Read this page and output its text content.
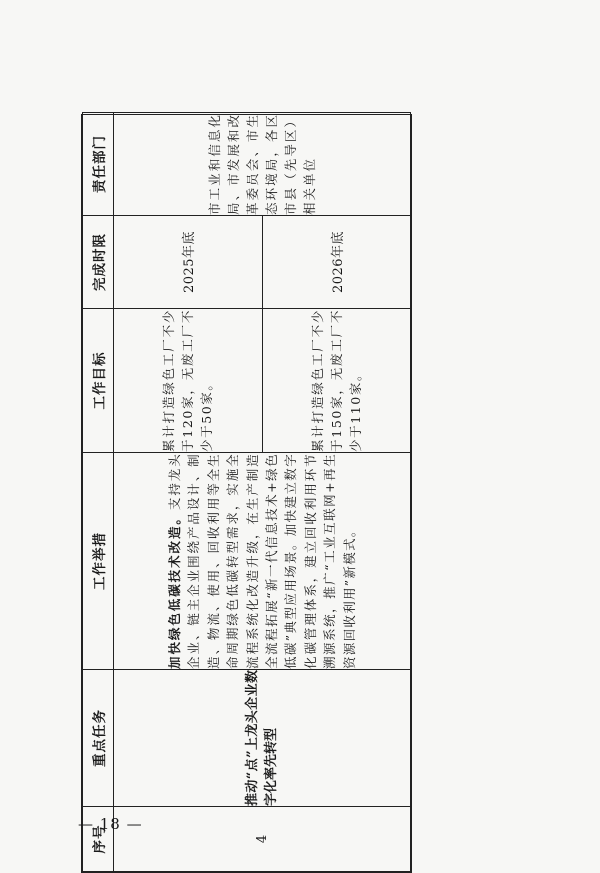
序号	重点任务	工作举措	工作目标	完成时限	责任部门
4	推动“点”上龙头企业数字化率先转型	加快绿色低碳技术改造。支持龙头企业、链主企业围绕产品设计、制造、物流、使用、回收利用等全生命周期绿色低碳转型需求，实施全流程系统化改造升级，在生产制造全流程拓展“新一代信息技术+绿色低碳”典型应用场景。加快建立数字化碳管理体系，建立回收利用环节溯源系统，推广“工业互联网+再生资源回收利用”新模式。	累计打造绿色工厂不少于120家，无废工厂不少于50家。	2025年底	市工业和信息化局、市发展和改革委员会、市生态环境局，各区市县（先导区）相关单位
			累计打造绿色工厂不少于150家，无废工厂不少于110家。	2026年底	
— 18 —
